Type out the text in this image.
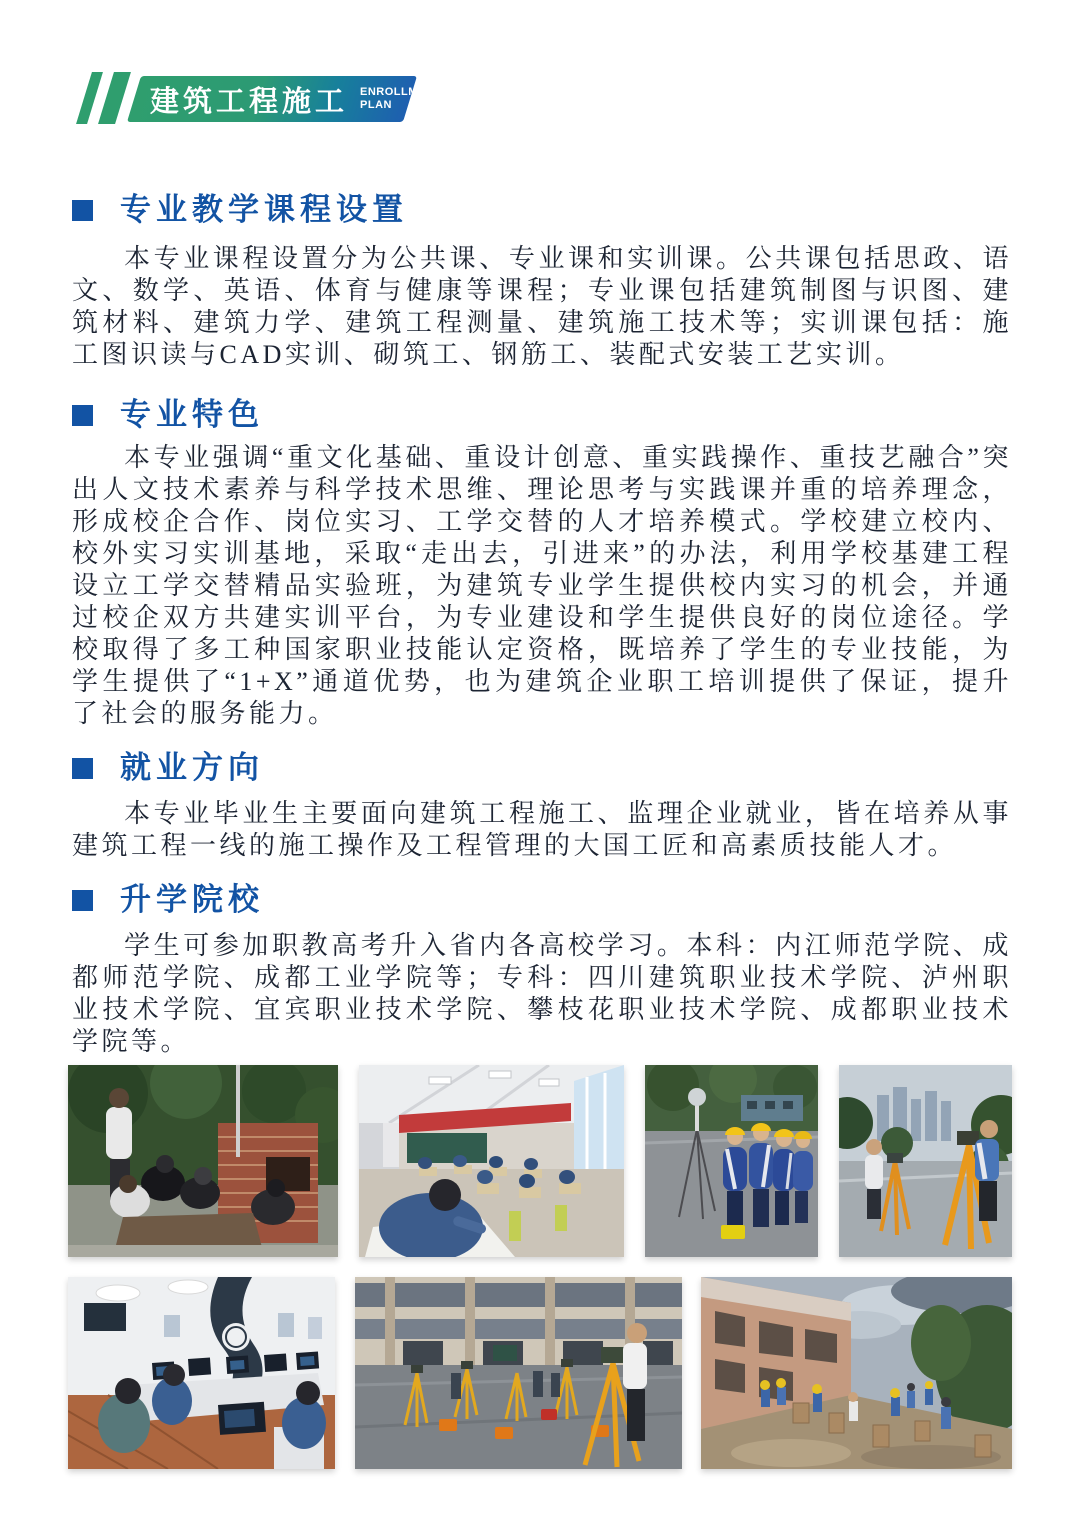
建筑工程施工 ENROLLMENT
PLAN
专业教学课程设置

本专业课程设置分为公共课、专业课和实训课。公共课包括思政、语文、数学、英语、体育与健康等课程；专业课包括建筑制图与识图、建筑材料、建筑力学、建筑工程测量、建筑施工技术等；实训课包括：施工图识读与CAD实训、砌筑工、钢筋工、装配式安装工艺实训。

专业特色

本专业强调“重文化基础、重设计创意、重实践操作、重技艺融合”突出人文技术素养与科学技术思维、理论思考与实践课并重的培养理念，形成校企合作、岗位实习、工学交替的人才培养模式。学校建立校内、校外实习实训基地，采取“走出去，引进来”的办法，利用学校基建工程设立工学交替精品实验班，为建筑专业学生提供校内实习的机会，并通过校企双方共建实训平台，为专业建设和学生提供良好的岗位途径。学校取得了多工种国家职业技能认定资格，既培养了学生的专业技能，为学生提供了“1+X”通道优势，也为建筑企业职工培训提供了保证，提升了社会的服务能力。

就业方向

本专业毕业生主要面向建筑工程施工、监理企业就业，皆在培养从事建筑工程一线的施工操作及工程管理的大国工匠和高素质技能人才。

升学院校

学生可参加职教高考升入省内各高校学习。本科：内江师范学院、成都师范学院、成都工业学院等；专科：四川建筑职业技术学院、泸州职业技术学院、宜宾职业技术学院、攀枝花职业技术学院、成都职业技术学院等。
